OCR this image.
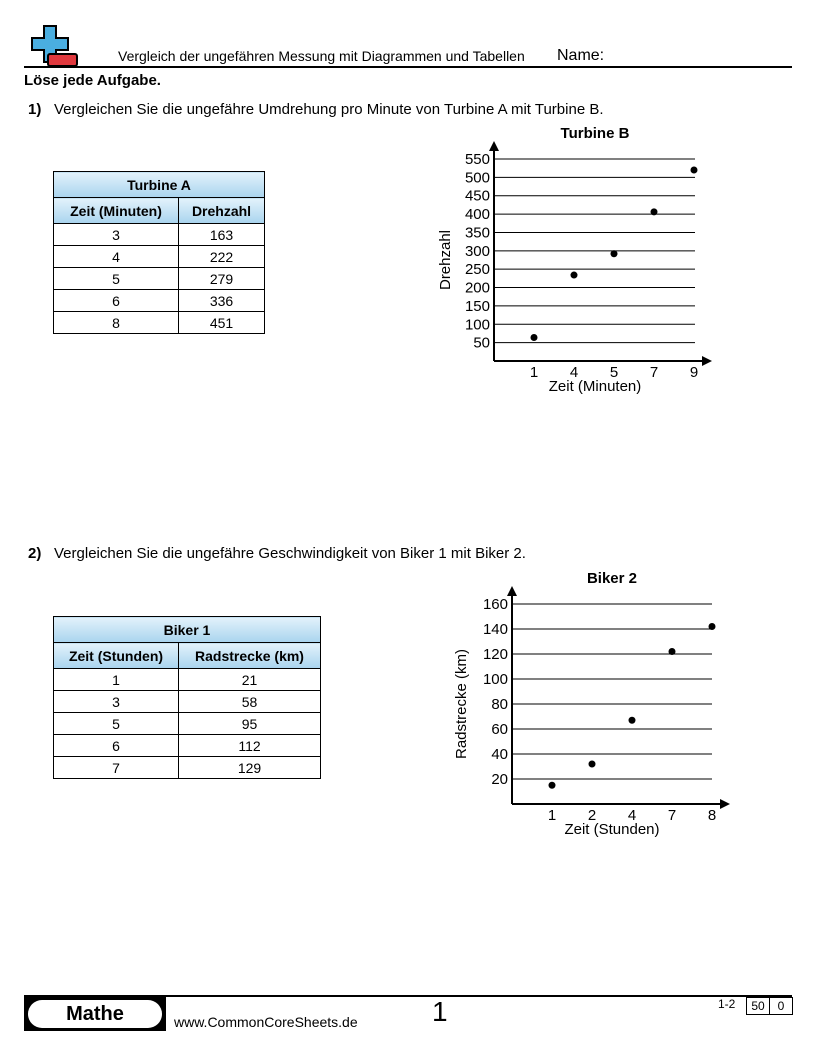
Vergleich der ungefähren Messung mit Diagrammen und Tabellen Name:
Löse jede Aufgabe.
1) Vergleichen Sie die ungefähre Umdrehung pro Minute von Turbine A mit Turbine B.
Turbine A	
Zeit (Minuten)	Drehzahl
3	163
4	222
5	279
6	336
8	451
Turbine B
50
100
150
200
250
300
350
400
450
500
550
1 4 5 7 9
Zeit (Minuten)
Drehzahl
2) Vergleichen Sie die ungefähre Geschwindigkeit von Biker 1 mit Biker 2.
Biker 1	
Zeit (Stunden)	Radstrecke (km)
1	21
3	58
5	95
6	112
7	129
Biker 2
20
40
60
80
100
120
140
160
1 2 4 7 8
Zeit (Stunden)
Radstrecke (km)
Mathe	www.CommonCoreSheets.de	1	1-2	50	0
